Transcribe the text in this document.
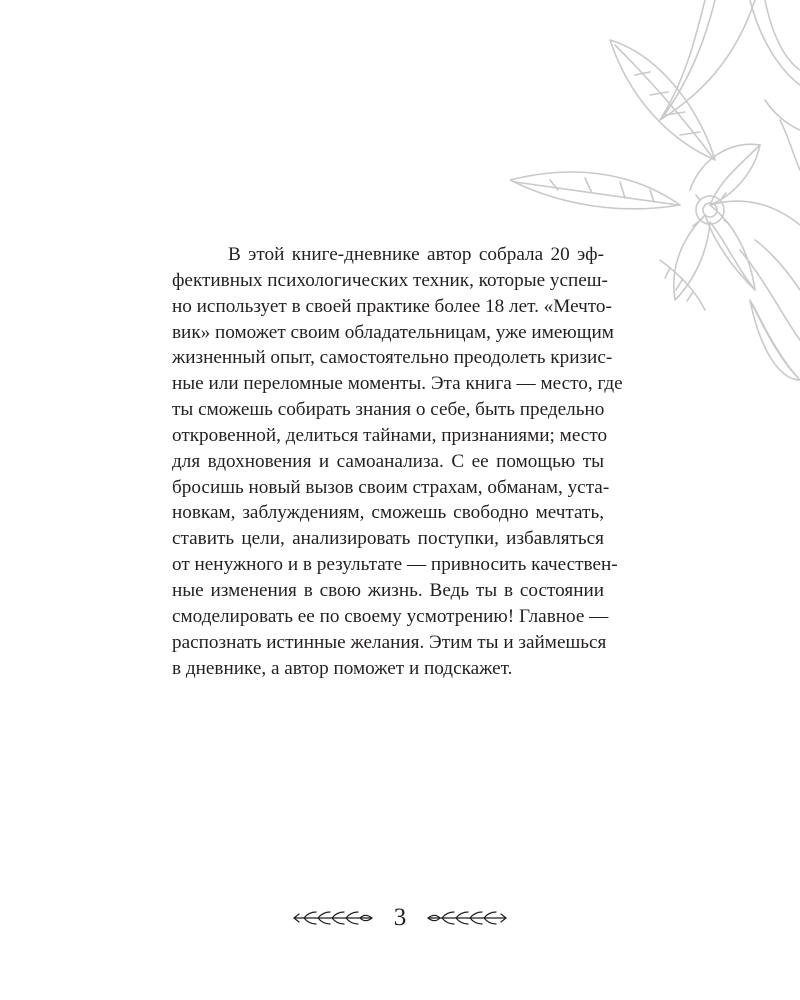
В этой книге-дневнике автор собрала 20 эф-
фективных психологических техник, которые успеш-
но использует в своей практике более 18 лет. «Мечто-
вик» поможет своим обладательницам, уже имеющим
жизненный опыт, самостоятельно преодолеть кризис-
ные или переломные моменты. Эта книга — место, где
ты сможешь собирать знания о себе, быть предельно
откровенной, делиться тайнами, признаниями; место
для вдохновения и самоанализа. С ее помощью ты
бросишь новый вызов своим страхам, обманам, уста-
новкам, заблуждениям, сможешь свободно мечтать,
ставить цели, анализировать поступки, избавляться
от ненужного и в результате — привносить качествен-
ные изменения в свою жизнь. Ведь ты в состоянии
смоделировать ее по своему усмотрению! Главное —
распознать истинные желания. Этим ты и займешься
в дневнике, а автор поможет и подскажет.
3
